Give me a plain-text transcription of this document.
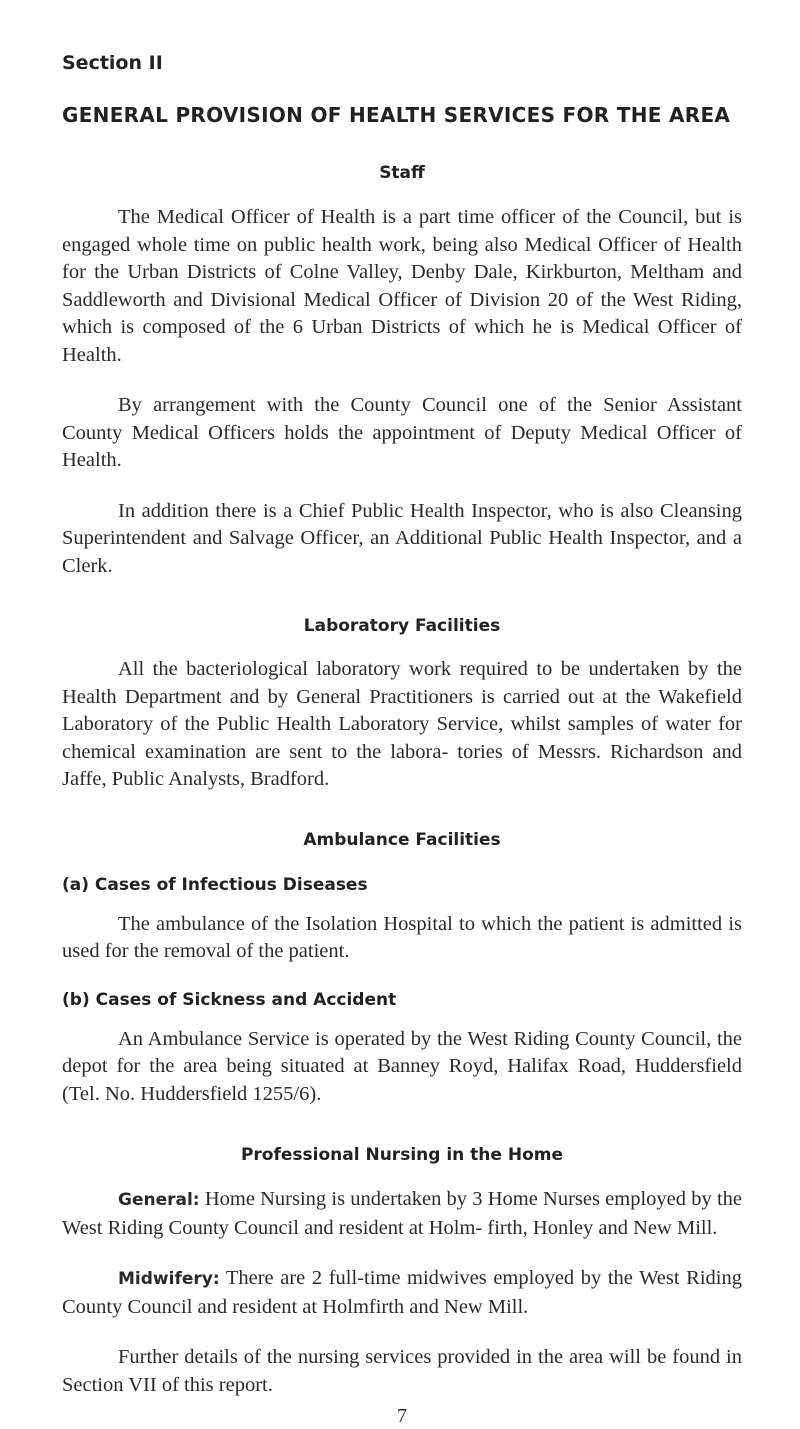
Section II
GENERAL PROVISION OF HEALTH SERVICES FOR THE AREA
Staff

The Medical Officer of Health is a part time officer of the Council, but is engaged whole time on public health work, being also Medical Officer of Health for the Urban Districts of Colne Valley, Denby Dale, Kirkburton, Meltham and Saddleworth and Divisional Medical Officer of Division 20 of the West Riding, which is composed of the 6 Urban Districts of which he is Medical Officer of Health.

By arrangement with the County Council one of the Senior Assistant County Medical Officers holds the appointment of Deputy Medical Officer of Health.

In addition there is a Chief Public Health Inspector, who is also Cleansing Superintendent and Salvage Officer, an Additional Public Health Inspector, and a Clerk.

Laboratory Facilities

All the bacteriological laboratory work required to be undertaken by the Health Department and by General Practitioners is carried out at the Wakefield Laboratory of the Public Health Laboratory Service, whilst samples of water for chemical examination are sent to the labora- tories of Messrs. Richardson and Jaffe, Public Analysts, Bradford.

Ambulance Facilities
(a) Cases of Infectious Diseases

The ambulance of the Isolation Hospital to which the patient is admitted is used for the removal of the patient.

(b) Cases of Sickness and Accident

An Ambulance Service is operated by the West Riding County Council, the depot for the area being situated at Banney Royd, Halifax Road, Huddersfield (Tel. No. Huddersfield 1255/6).

Professional Nursing in the Home

General: Home Nursing is undertaken by 3 Home Nurses employed by the West Riding County Council and resident at Holm- firth, Honley and New Mill.

Midwifery: There are 2 full-time midwives employed by the West Riding County Council and resident at Holmfirth and New Mill.

Further details of the nursing services provided in the area will be found in Section VII of this report.

7
